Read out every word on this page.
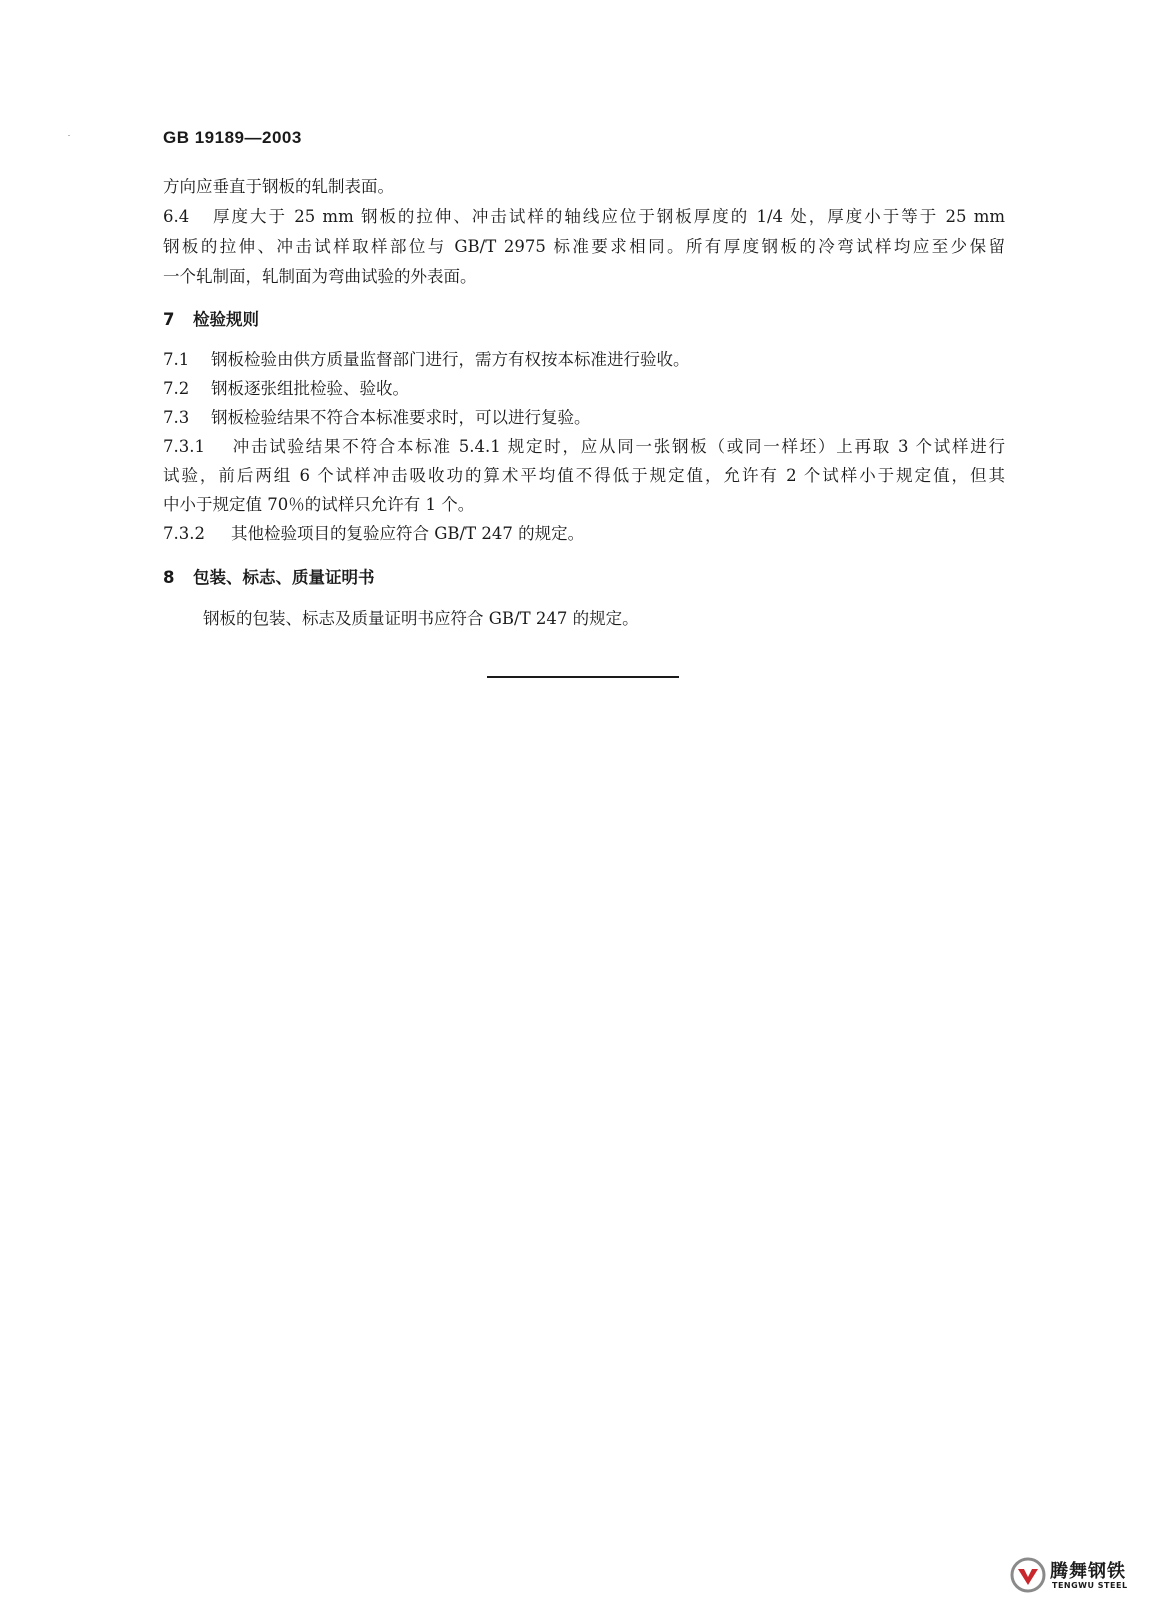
GB 19189—2003
方向应垂直于钢板的轧制表面。
6.4 厚度大于 25 mm 钢板的拉伸、冲击试样的轴线应位于钢板厚度的 1/4 处，厚度小于等于 25 mm
钢板的拉伸、冲击试样取样部位与 GB/T 2975 标准要求相同。所有厚度钢板的冷弯试样均应至少保留
一个轧制面，轧制面为弯曲试验的外表面。
7 检验规则
7.1 钢板检验由供方质量监督部门进行，需方有权按本标准进行验收。
7.2 钢板逐张组批检验、验收。
7.3 钢板检验结果不符合本标准要求时，可以进行复验。
7.3.1 冲击试验结果不符合本标准 5.4.1 规定时，应从同一张钢板（或同一样坯）上再取 3 个试样进行
试验，前后两组 6 个试样冲击吸收功的算术平均值不得低于规定值，允许有 2 个试样小于规定值，但其
中小于规定值 70％的试样只允许有 1 个。
7.3.2 其他检验项目的复验应符合 GB/T 247 的规定。
8 包装、标志、质量证明书
钢板的包装、标志及质量证明书应符合 GB/T 247 的规定。
腾舞钢铁
TENGWU STEEL
